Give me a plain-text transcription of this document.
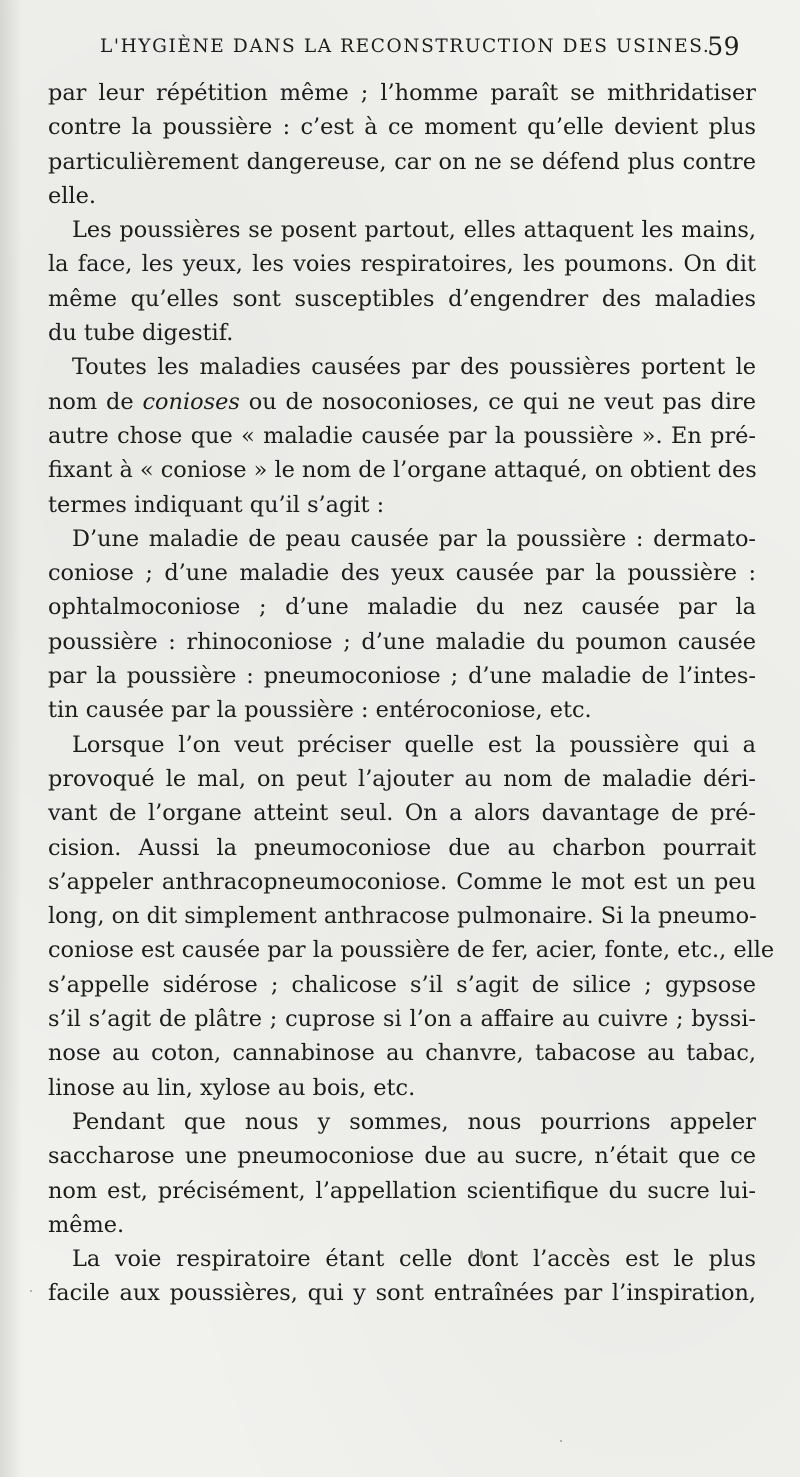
L'HYGIÈNE DANS LA RECONSTRUCTION DES USINES.
59
par leur répétition même ; l’homme paraît se mithridatiser
contre la poussière : c’est à ce moment qu’elle devient plus
particulièrement dangereuse, car on ne se défend plus contre
elle.
Les poussières se posent partout, elles attaquent les mains,
la face, les yeux, les voies respiratoires, les poumons. On dit
même qu’elles sont susceptibles d’engendrer des maladies
du tube digestif.
Toutes les maladies causées par des poussières portent le
nom de conioses ou de nosoconioses, ce qui ne veut pas dire
autre chose que « maladie causée par la poussière ». En pré-
fixant à « coniose » le nom de l’organe attaqué, on obtient des
termes indiquant qu’il s’agit :
D’une maladie de peau causée par la poussière : dermato-
coniose ; d’une maladie des yeux causée par la poussière :
ophtalmoconiose ; d’une maladie du nez causée par la
poussière : rhinoconiose ; d’une maladie du poumon causée
par la poussière : pneumoconiose ; d’une maladie de l’intes-
tin causée par la poussière : entéroconiose, etc.
Lorsque l’on veut préciser quelle est la poussière qui a
provoqué le mal, on peut l’ajouter au nom de maladie déri-
vant de l’organe atteint seul. On a alors davantage de pré-
cision. Aussi la pneumoconiose due au charbon pourrait
s’appeler anthracopneumoconiose. Comme le mot est un peu
long, on dit simplement anthracose pulmonaire. Si la pneumo-
coniose est causée par la poussière de fer, acier, fonte, etc., elle
s’appelle sidérose ; chalicose s’il s’agit de silice ; gypsose
s’il s’agit de plâtre ; cuprose si l’on a affaire au cuivre ; byssi-
nose au coton, cannabinose au chanvre, tabacose au tabac,
linose au lin, xylose au bois, etc.
Pendant que nous y sommes, nous pourrions appeler
saccharose une pneumoconiose due au sucre, n’était que ce
nom est, précisément, l’appellation scientifique du sucre lui-
même.
La voie respiratoire étant celle dont l’accès est le plus
facile aux poussières, qui y sont entraînées par l’inspiration,
